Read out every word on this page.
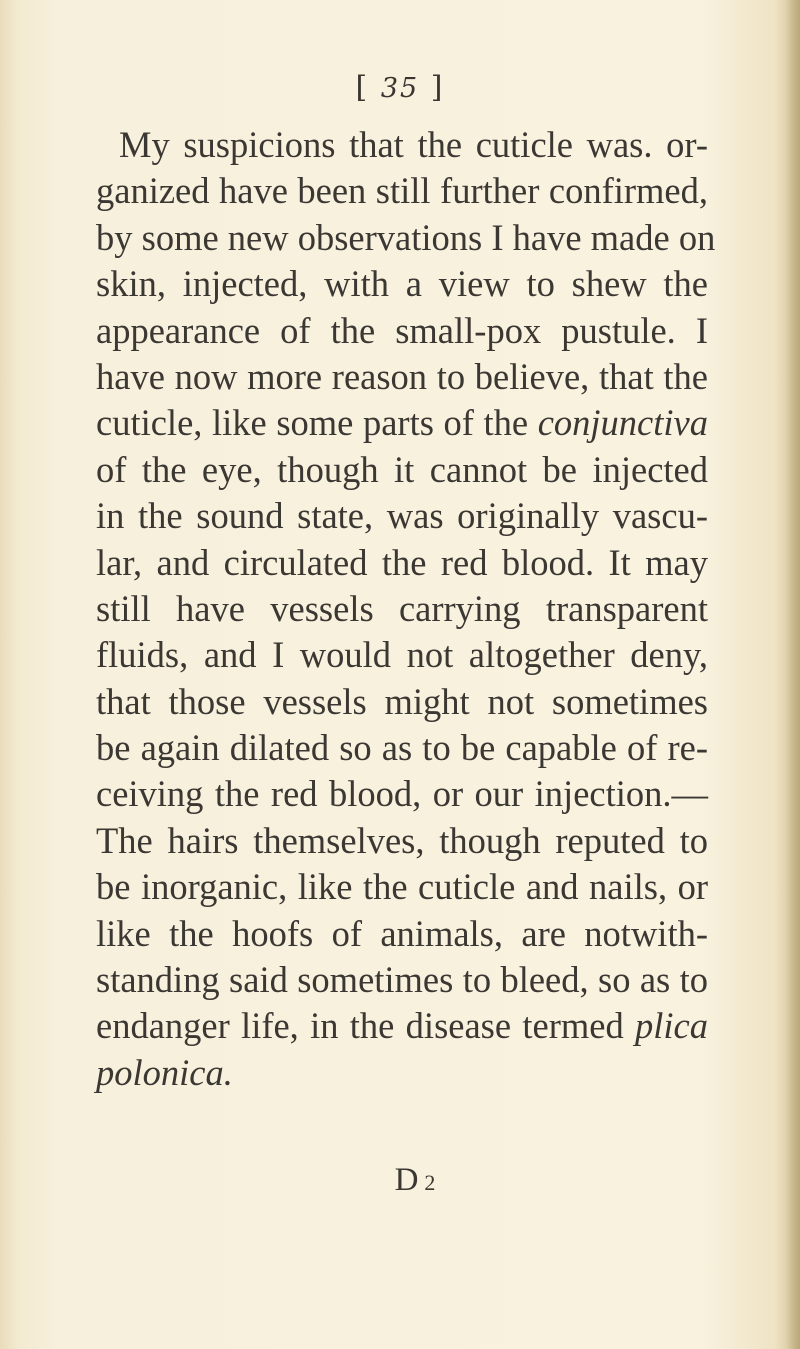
[ 35 ]
My suspicions that the cuticle was. or-
ganized have been still further confirmed,
by some new observations I have made on
skin, injected, with a view to shew the
appearance of the small-pox pustule. I
have now more reason to believe, that the
cuticle, like some parts of the conjunctiva
of the eye, though it cannot be injected
in the sound state, was originally vascu-
lar, and circulated the red blood. It may
still have vessels carrying transparent
fluids, and I would not altogether deny,
that those vessels might not sometimes
be again dilated so as to be capable of re-
ceiving the red blood, or our injection.—
The hairs themselves, though reputed to
be inorganic, like the cuticle and nails, or
like the hoofs of animals, are notwith-
standing said sometimes to bleed, so as to
endanger life, in the disease termed plica
polonica.
D 2
